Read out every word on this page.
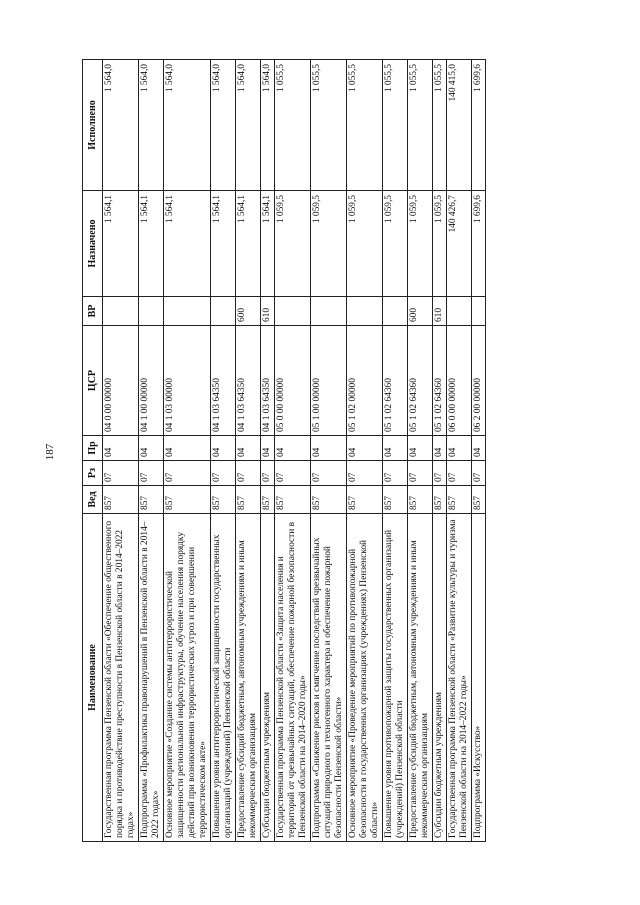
187
Наименование	Вед	Рз	Пр	ЦСР	ВР	Назначено	Исполнено
Государственная программа Пензенской области «Обеспечение общественного порядка и противодействие преступности в Пензенской области в 2014–2022 годах»	857	07	04	04 0 00 00000		1 564,1	1 564,0
Подпрограмма «Профилактика правонарушений в Пензенской области в 2014–2022 годах»	857	07	04	04 1 00 00000		1 564,1	1 564,0
Основное мероприятие «Создание системы антитеррористической защищенности региональной инфраструктуры, обучение населения порядку действий при возникновении террористических угроз и при совершении террористическом акте»	857	07	04	04 1 03 00000		1 564,1	1 564,0
Повышение уровня антитеррористической защищенности государственных организаций (учреждений) Пензенской области	857	07	04	04 1 03 64350		1 564,1	1 564,0
Предоставление субсидий бюджетным, автономным учреждениям и иным некоммерческим организациям	857	07	04	04 1 03 64350	600	1 564,1	1 564,0
Субсидии бюджетным учреждениям	857	07	04	04 1 03 64350	610	1 564,1	1 564,0
Государственная программа Пензенской области «Защита населения и территорий от чрезвычайных ситуаций, обеспечение пожарной безопасности в Пензенской области на 2014–2020 годы»	857	07	04	05 0 00 00000		1 059,5	1 055,5
Подпрограмма «Снижение рисков и смягчение последствий чрезвычайных ситуаций природного и техногенного характера и обеспечение пожарной безопасности Пензенской области»	857	07	04	05 1 00 00000		1 059,5	1 055,5
Основное мероприятие «Проведение мероприятий по противопожарной безопасности в государственных организациях (учреждениях) Пензенской области»	857	07	04	05 1 02 00000		1 059,5	1 055,5
Повышение уровня противопожарной защиты государственных организаций (учреждений) Пензенской области	857	07	04	05 1 02 64360		1 059,5	1 055,5
Предоставление субсидий бюджетным, автономным учреждениям и иным некоммерческим организациям	857	07	04	05 1 02 64360	600	1 059,5	1 055,5
Субсидии бюджетным учреждениям	857	07	04	05 1 02 64360	610	1 059,5	1 055,5
Государственная программа Пензенской области «Развитие культуры и туризма Пензенской области на 2014–2022 годы»	857	07	04	06 0 00 00000		140 426,7	140 415,0
Подпрограмма «Искусство»	857	07	04	06 2 00 00000		1 699,6	1 699,6
